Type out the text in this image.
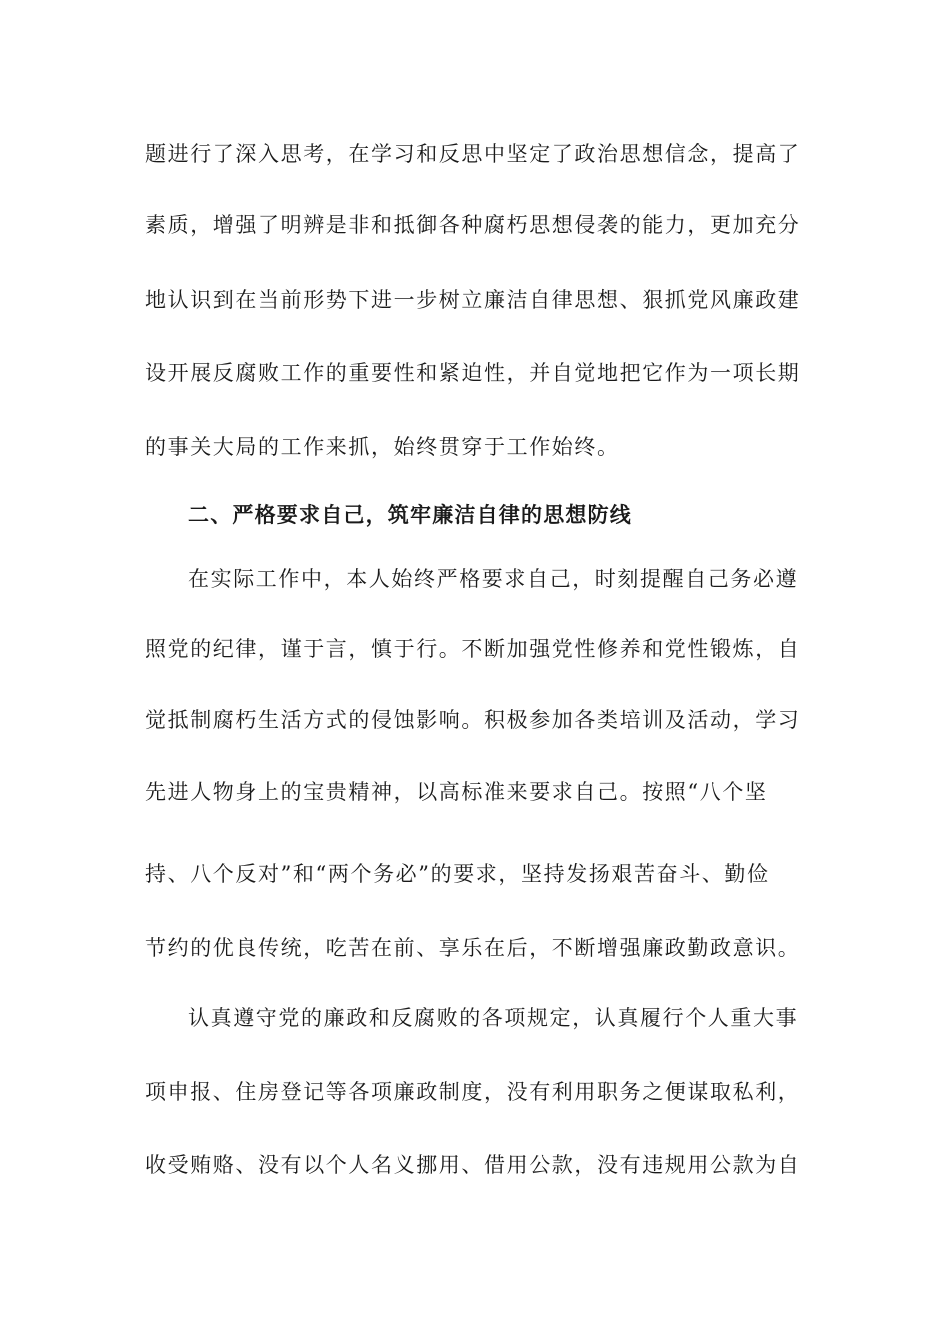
题进行了深入思考，在学习和反思中坚定了政治思想信念，提高了
素质，增强了明辨是非和抵御各种腐朽思想侵袭的能力，更加充分
地认识到在当前形势下进一步树立廉洁自律思想、狠抓党风廉政建
设开展反腐败工作的重要性和紧迫性，并自觉地把它作为一项长期
的事关大局的工作来抓，始终贯穿于工作始终。
二、严格要求自己，筑牢廉洁自律的思想防线
在实际工作中，本人始终严格要求自己，时刻提醒自己务必遵
照党的纪律，谨于言，慎于行。不断加强党性修养和党性锻炼，自
觉抵制腐朽生活方式的侵蚀影响。积极参加各类培训及活动，学习
先进人物身上的宝贵精神，以高标准来要求自己。按照“八个坚
持、八个反对”和“两个务必”的要求，坚持发扬艰苦奋斗、勤俭
节约的优良传统，吃苦在前、享乐在后，不断增强廉政勤政意识。
认真遵守党的廉政和反腐败的各项规定，认真履行个人重大事
项申报、住房登记等各项廉政制度，没有利用职务之便谋取私利，
收受贿赂、没有以个人名义挪用、借用公款，没有违规用公款为自
